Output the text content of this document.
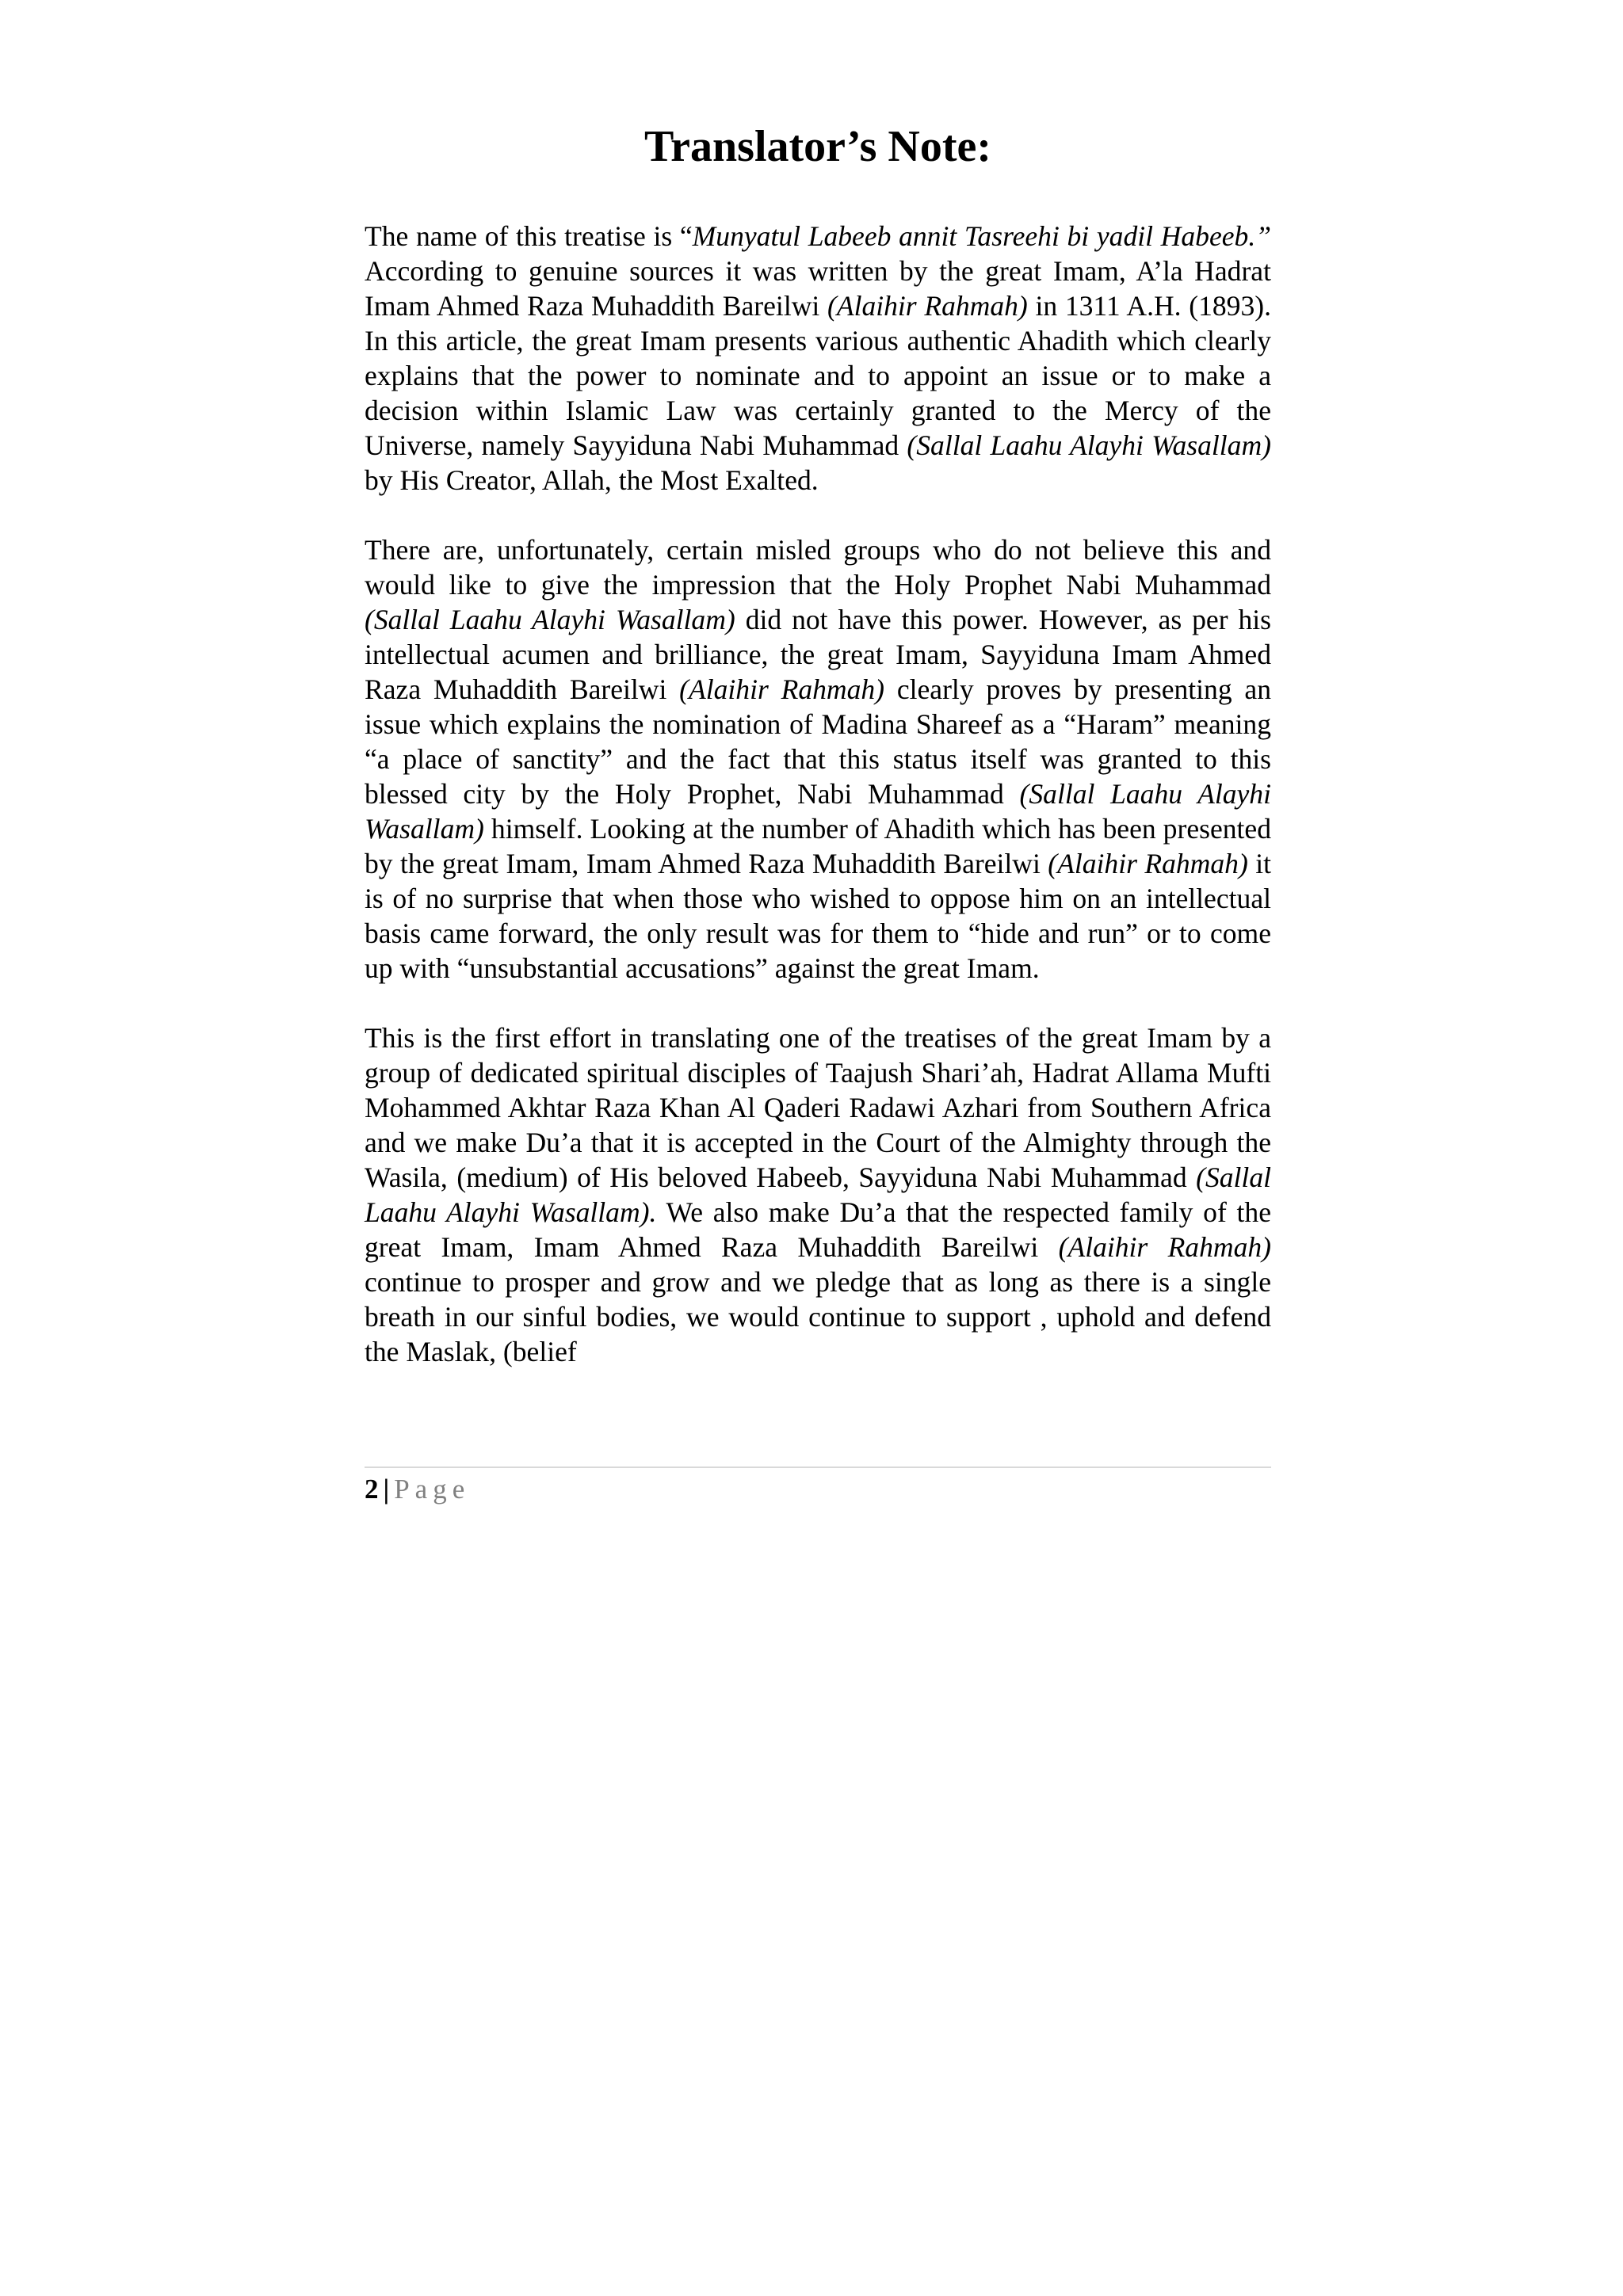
Translator’s Note:

The name of this treatise is “Munyatul Labeeb annit Tasreehi bi yadil Habeeb.” According to genuine sources it was written by the great Imam, A’la Hadrat Imam Ahmed Raza Muhaddith Bareilwi (Alaihir Rahmah) in 1311 A.H. (1893). In this article, the great Imam presents various authentic Ahadith which clearly explains that the power to nominate and to appoint an issue or to make a decision within Islamic Law was certainly granted to the Mercy of the Universe, namely Sayyiduna Nabi Muhammad (Sallal Laahu Alayhi Wasallam) by His Creator, Allah, the Most Exalted.

There are, unfortunately, certain misled groups who do not believe this and would like to give the impression that the Holy Prophet Nabi Muhammad (Sallal Laahu Alayhi Wasallam) did not have this power. However, as per his intellectual acumen and brilliance, the great Imam, Sayyiduna Imam Ahmed Raza Muhaddith Bareilwi (Alaihir Rahmah) clearly proves by presenting an issue which explains the nomination of Madina Shareef as a “Haram” meaning “a place of sanctity” and the fact that this status itself was granted to this blessed city by the Holy Prophet, Nabi Muhammad (Sallal Laahu Alayhi Wasallam) himself. Looking at the number of Ahadith which has been presented by the great Imam, Imam Ahmed Raza Muhaddith Bareilwi (Alaihir Rahmah) it is of no surprise that when those who wished to oppose him on an intellectual basis came forward, the only result was for them to “hide and run” or to come up with “unsubstantial accusations” against the great Imam.

This is the first effort in translating one of the treatises of the great Imam by a group of dedicated spiritual disciples of Taajush Shari’ah, Hadrat Allama Mufti Mohammed Akhtar Raza Khan Al Qaderi Radawi Azhari from Southern Africa and we make Du’a that it is accepted in the Court of the Almighty through the Wasila, (medium) of His beloved Habeeb, Sayyiduna Nabi Muhammad (Sallal Laahu Alayhi Wasallam). We also make Du’a that the respected family of the great Imam, Imam Ahmed Raza Muhaddith Bareilwi (Alaihir Rahmah) continue to prosper and grow and we pledge that as long as there is a single breath in our sinful bodies, we would continue to support , uphold and defend the Maslak, (belief

2 | Page
